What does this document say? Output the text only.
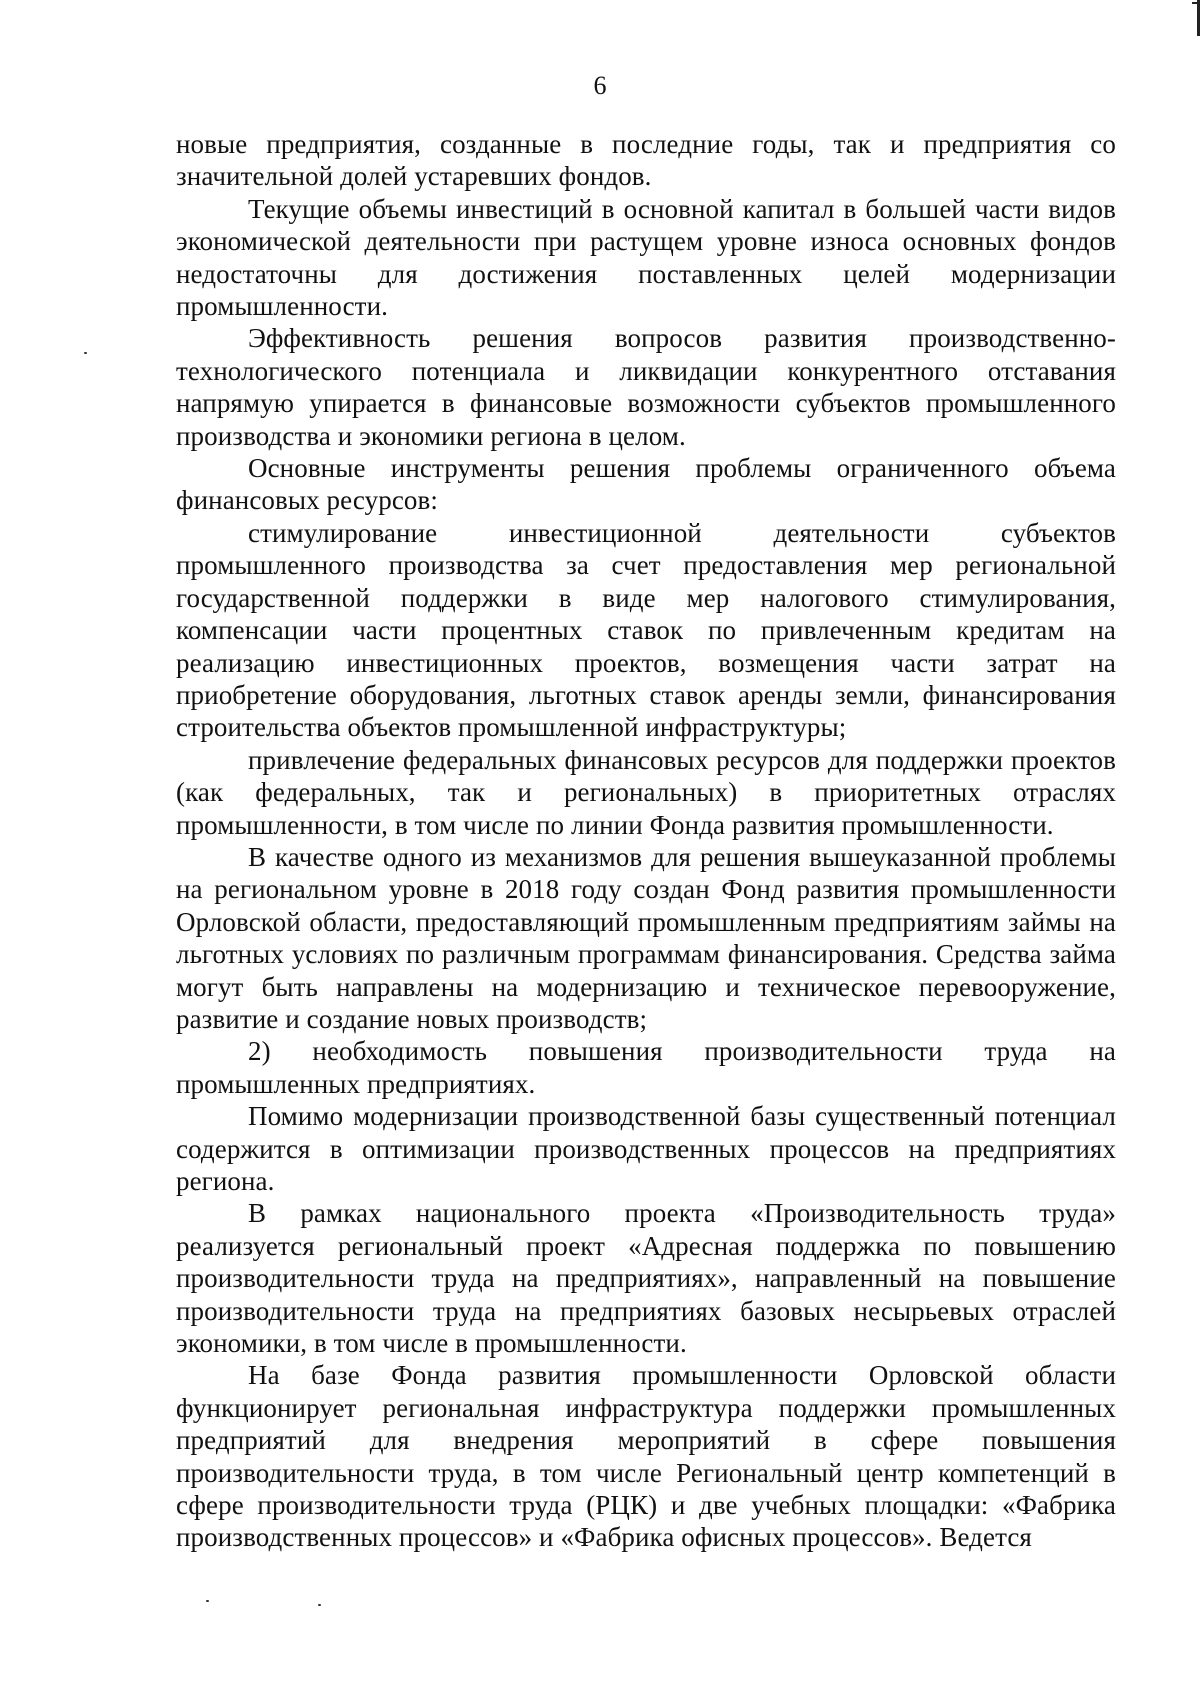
6

новые предприятия, созданные в последние годы, так и предприятия со значительной долей устаревших фондов.

Текущие объемы инвестиций в основной капитал в большей части видов экономической деятельности при растущем уровне износа основных фондов недостаточны для достижения поставленных целей модернизации промышленности.

Эффективность решения вопросов развития производственно-технологического потенциала и ликвидации конкурентного отставания напрямую упирается в финансовые возможности субъектов промышленного производства и экономики региона в целом.

Основные инструменты решения проблемы ограниченного объема финансовых ресурсов:

стимулирование инвестиционной деятельности субъектов промышленного производства за счет предоставления мер региональной государственной поддержки в виде мер налогового стимулирования, компенсации части процентных ставок по привлеченным кредитам на реализацию инвестиционных проектов, возмещения части затрат на приобретение оборудования, льготных ставок аренды земли, финансирования строительства объектов промышленной инфраструктуры;

привлечение федеральных финансовых ресурсов для поддержки проектов (как федеральных, так и региональных) в приоритетных отраслях промышленности, в том числе по линии Фонда развития промышленности.

В качестве одного из механизмов для решения вышеуказанной проблемы на региональном уровне в 2018 году создан Фонд развития промышленности Орловской области, предоставляющий промышленным предприятиям займы на льготных условиях по различным программам финансирования. Средства займа могут быть направлены на модернизацию и техническое перевооружение, развитие и создание новых производств;

2) необходимость повышения производительности труда на промышленных предприятиях.

Помимо модернизации производственной базы существенный потенциал содержится в оптимизации производственных процессов на предприятиях региона.

В рамках национального проекта «Производительность труда» реализуется региональный проект «Адресная поддержка по повышению производительности труда на предприятиях», направленный на повышение производительности труда на предприятиях базовых несырьевых отраслей экономики, в том числе в промышленности.

На базе Фонда развития промышленности Орловской области функционирует региональная инфраструктура поддержки промышленных предприятий для внедрения мероприятий в сфере повышения производительности труда, в том числе Региональный центр компетенций в сфере производительности труда (РЦК) и две учебных площадки: «Фабрика производственных процессов» и «Фабрика офисных процессов». Ведется
